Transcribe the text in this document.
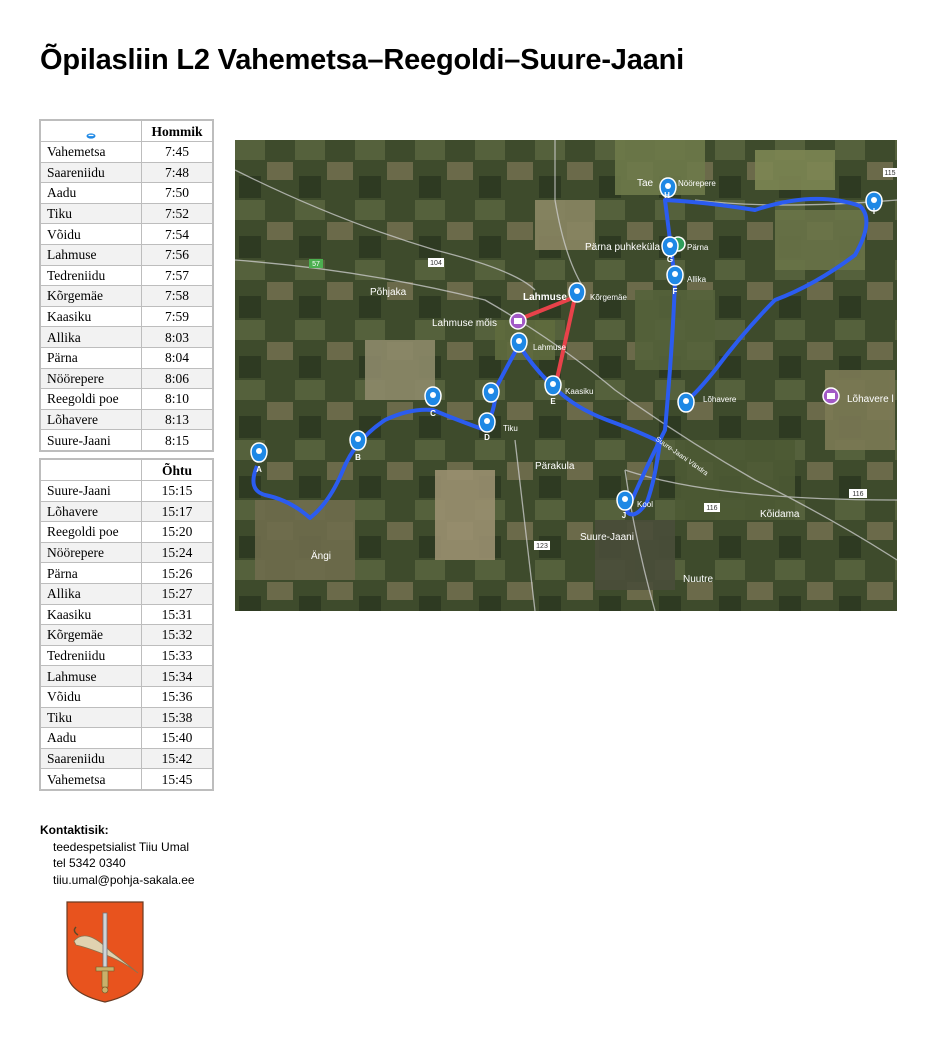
Õpilasliin L2 Vahemetsa–Reegoldi–Suure-Jaani
	Hommik
Vahemetsa	7:45
Saareniidu	7:48
Aadu	7:50
Tiku	7:52
Võidu	7:54
Lahmuse	7:56
Tedreniidu	7:57
Kõrgemäe	7:58
Kaasiku	7:59
Allika	8:03
Pärna	8:04
Nöörepere	8:06
Reegoldi poe	8:10
Lõhavere	8:13
Suure-Jaani	8:15
	Õhtu
Suure-Jaani	15:15
Lõhavere	15:17
Reegoldi poe	15:20
Nöörepere	15:24
Pärna	15:26
Allika	15:27
Kaasiku	15:31
Kõrgemäe	15:32
Tedreniidu	15:33
Lahmuse	15:34
Võidu	15:36
Tiku	15:38
Aadu	15:40
Saareniidu	15:42
Vahemetsa	15:45
Kontaktisik:
teedespetsialist Tiiu Umal
tel 5342 0340
tiiu.umal@pohja-sakala.ee
57	104
116
116
123
115
Põhjaka
Lahmuse mõis
Lahmuse	Kõrgemäe
Lahmuse
Kaasiku
Tiku
Pärakula
Ängi
Kool
Suure-Jaani
Kõidama
Nuutre
Lõhavere	Lõhavere l
Allika
Pärna puhkeküla	Pärna
Tae	Nöörepere
Suure-Jaani Vändra
A
B
C
D
E
F
G
H
I
J
